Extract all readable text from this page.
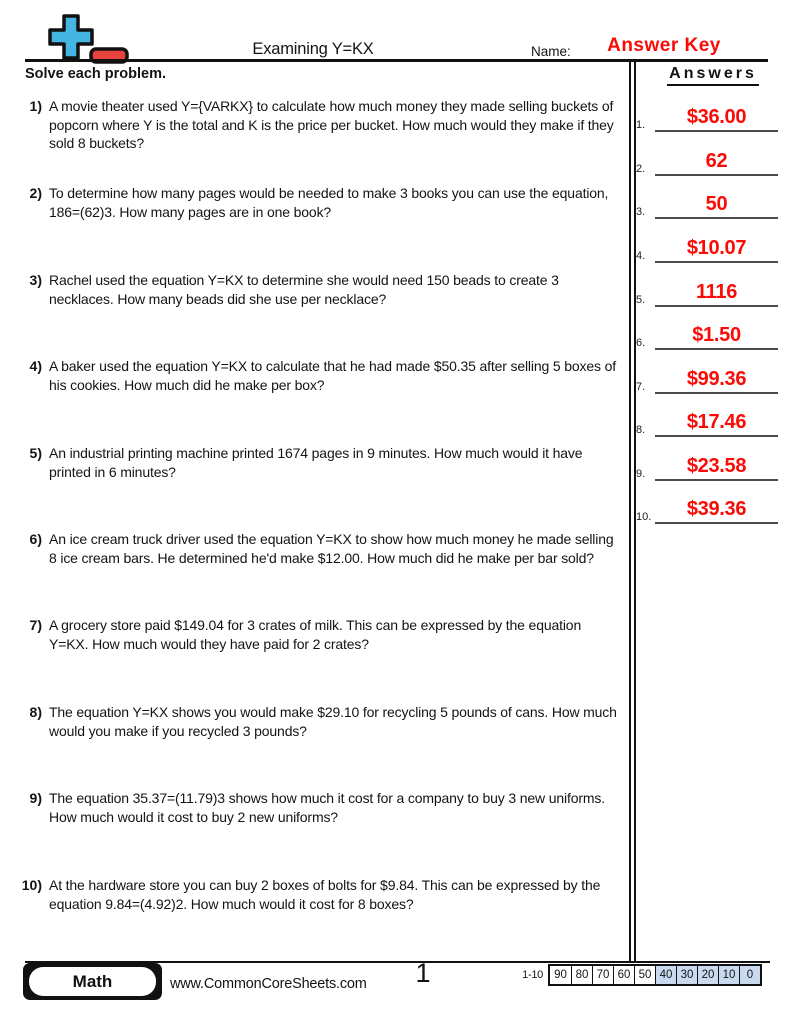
Examining Y=KX	Name:	Answer Key
Solve each problem.	Answers
1) A movie theater used Y={VARKX} to calculate how much money they made selling buckets of popcorn where Y is the total and K is the price per bucket. How much would they make if they sold 8 buckets?
2) To determine how many pages would be needed to make 3 books you can use the equation, 186=(62)3. How many pages are in one book?
3) Rachel used the equation Y=KX to determine she would need 150 beads to create 3 necklaces. How many beads did she use per necklace?
4) A baker used the equation Y=KX to calculate that he had made $50.35 after selling 5 boxes of his cookies. How much did he make per box?
5) An industrial printing machine printed 1674 pages in 9 minutes. How much would it have printed in 6 minutes?
6) An ice cream truck driver used the equation Y=KX to show how much money he made selling 8 ice cream bars. He determined he'd make $12.00. How much did he make per bar sold?
7) A grocery store paid $149.04 for 3 crates of milk. This can be expressed by the equation Y=KX. How much would they have paid for 2 crates?
8) The equation Y=KX shows you would make $29.10 for recycling 5 pounds of cans. How much would you make if you recycled 3 pounds?
9) The equation 35.37=(11.79)3 shows how much it cost for a company to buy 3 new uniforms. How much would it cost to buy 2 new uniforms?
10) At the hardware store you can buy 2 boxes of bolts for $9.84. This can be expressed by the equation 9.84=(4.92)2. How much would it cost for 8 boxes?
1.	$36.00
2.	62
3.	50
4.	$10.07
5.	1116
6.	$1.50
7.	$99.36
8.	$17.46
9.	$23.58
10. $39.36
Math	www.CommonCoreSheets.com 1	1-10 90 80 70 60 50 40 30 20 10 0
